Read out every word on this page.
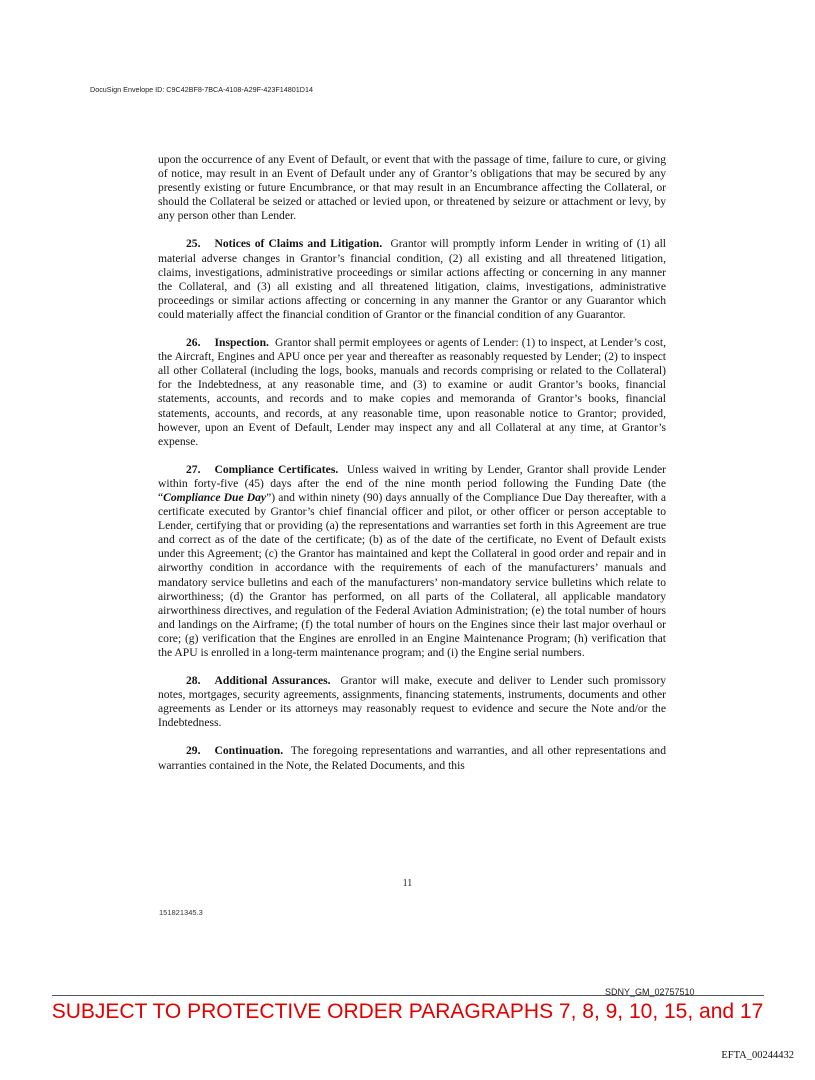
DocuSign Envelope ID: C9C42BF8-7BCA-4108-A29F-423F14801D14

upon the occurrence of any Event of Default, or event that with the passage of time, failure to cure, or giving of notice, may result in an Event of Default under any of Grantor’s obligations that may be secured by any presently existing or future Encumbrance, or that may result in an Encumbrance affecting the Collateral, or should the Collateral be seized or attached or levied upon, or threatened by seizure or attachment or levy, by any person other than Lender.

25. Notices of Claims and Litigation. Grantor will promptly inform Lender in writing of (1) all material adverse changes in Grantor’s financial condition, (2) all existing and all threatened litigation, claims, investigations, administrative proceedings or similar actions affecting or concerning in any manner the Collateral, and (3) all existing and all threatened litigation, claims, investigations, administrative proceedings or similar actions affecting or concerning in any manner the Grantor or any Guarantor which could materially affect the financial condition of Grantor or the financial condition of any Guarantor.

26. Inspection. Grantor shall permit employees or agents of Lender: (1) to inspect, at Lender’s cost, the Aircraft, Engines and APU once per year and thereafter as reasonably requested by Lender; (2) to inspect all other Collateral (including the logs, books, manuals and records comprising or related to the Collateral) for the Indebtedness, at any reasonable time, and (3) to examine or audit Grantor’s books, financial statements, accounts, and records and to make copies and memoranda of Grantor’s books, financial statements, accounts, and records, at any reasonable time, upon reasonable notice to Grantor; provided, however, upon an Event of Default, Lender may inspect any and all Collateral at any time, at Grantor’s expense.

27. Compliance Certificates. Unless waived in writing by Lender, Grantor shall provide Lender within forty-five (45) days after the end of the nine month period following the Funding Date (the “Compliance Due Day”) and within ninety (90) days annually of the Compliance Due Day thereafter, with a certificate executed by Grantor’s chief financial officer and pilot, or other officer or person acceptable to Lender, certifying that or providing (a) the representations and warranties set forth in this Agreement are true and correct as of the date of the certificate; (b) as of the date of the certificate, no Event of Default exists under this Agreement; (c) the Grantor has maintained and kept the Collateral in good order and repair and in airworthy condition in accordance with the requirements of each of the manufacturers’ manuals and mandatory service bulletins and each of the manufacturers’ non-mandatory service bulletins which relate to airworthiness; (d) the Grantor has performed, on all parts of the Collateral, all applicable mandatory airworthiness directives, and regulation of the Federal Aviation Administration; (e) the total number of hours and landings on the Airframe; (f) the total number of hours on the Engines since their last major overhaul or core; (g) verification that the Engines are enrolled in an Engine Maintenance Program; (h) verification that the APU is enrolled in a long-term maintenance program; and (i) the Engine serial numbers.

28. Additional Assurances. Grantor will make, execute and deliver to Lender such promissory notes, mortgages, security agreements, assignments, financing statements, instruments, documents and other agreements as Lender or its attorneys may reasonably request to evidence and secure the Note and/or the Indebtedness.

29. Continuation. The foregoing representations and warranties, and all other representations and warranties contained in the Note, the Related Documents, and this

11
151821345.3
SDNY_GM_02757510
SUBJECT TO PROTECTIVE ORDER PARAGRAPHS 7, 8, 9, 10, 15, and 17
EFTA_00244432
